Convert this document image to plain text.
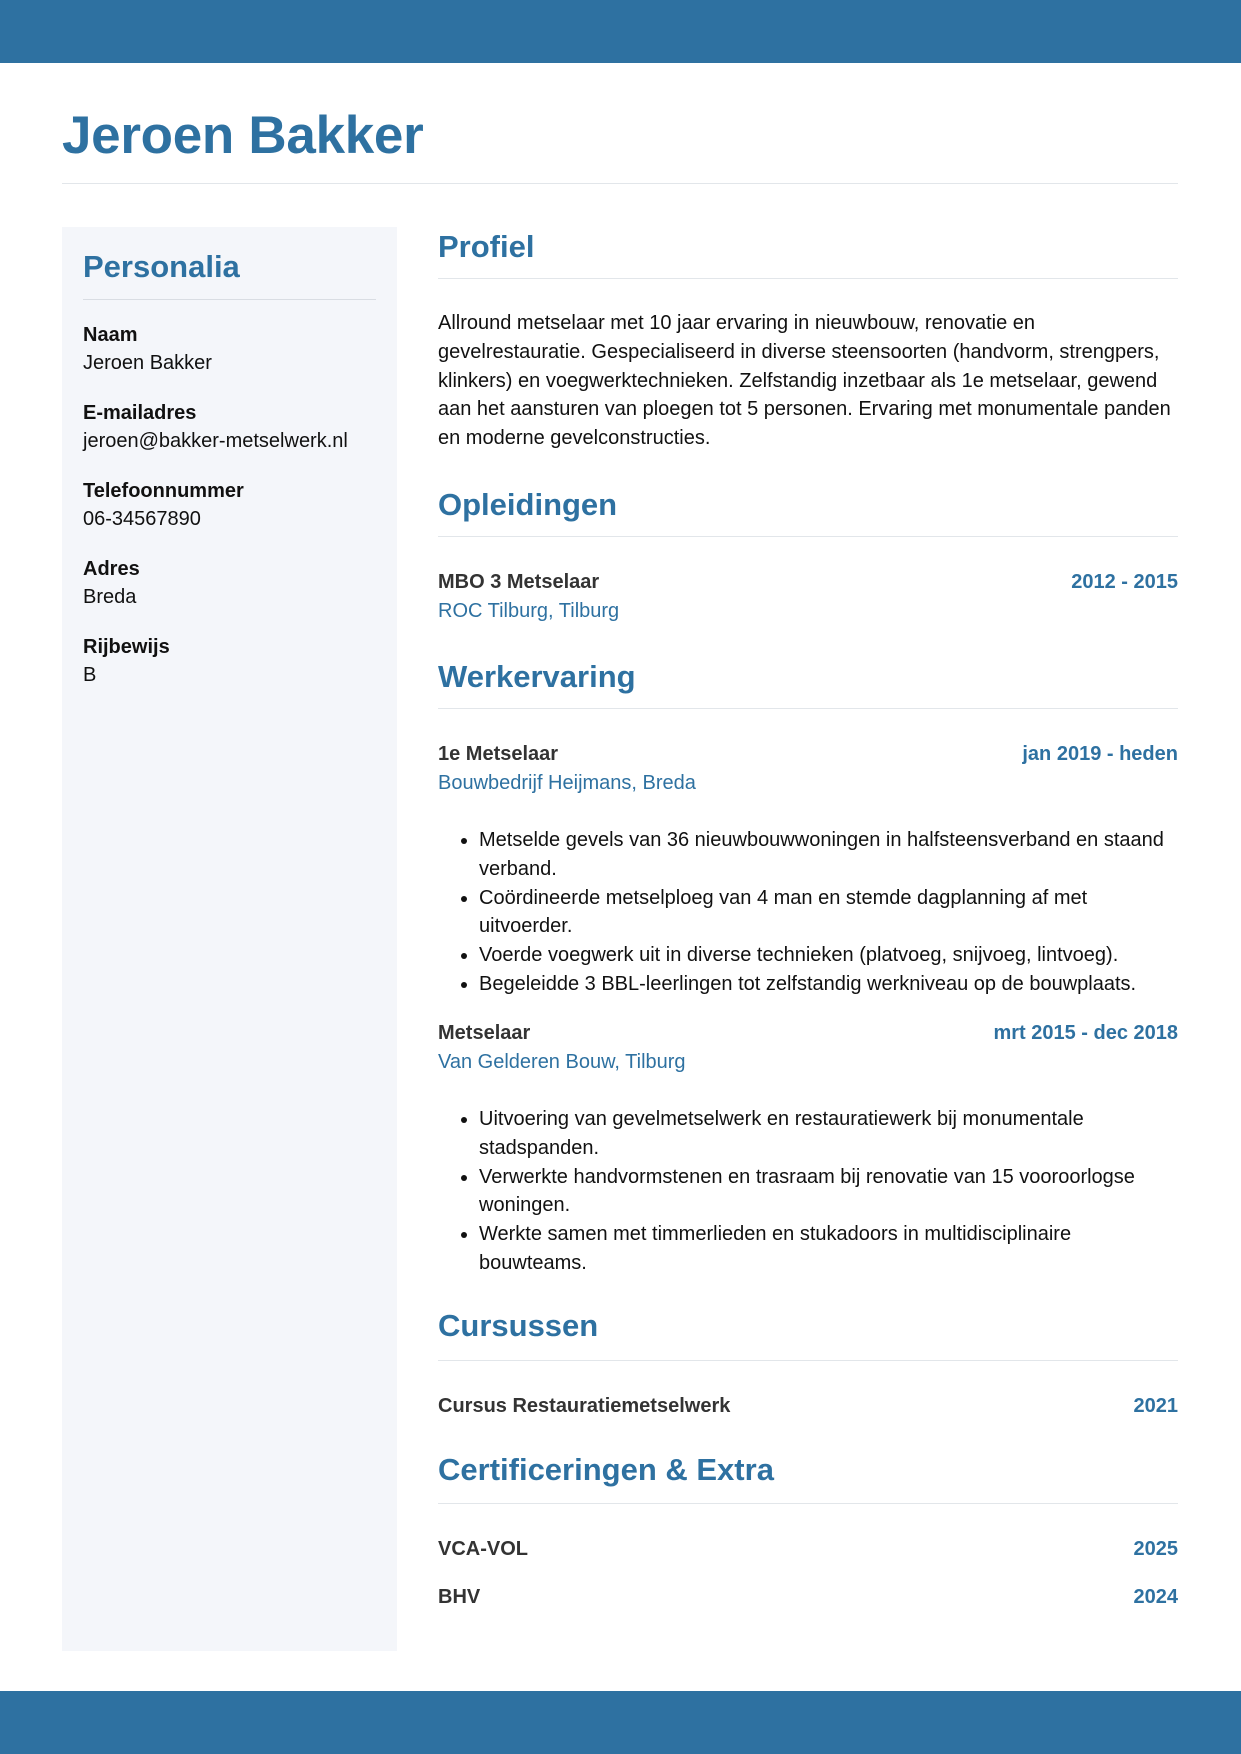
Jeroen Bakker
Personalia
Naam
Jeroen Bakker
E-mailadres
jeroen@bakker-metselwerk.nl
Telefoonnummer
06-34567890
Adres
Breda
Rijbewijs
B
Profiel
Allround metselaar met 10 jaar ervaring in nieuwbouw, renovatie en gevelrestauratie. Gespecialiseerd in diverse steensoorten (handvorm, strengpers, klinkers) en voegwerktechnieken. Zelfstandig inzetbaar als 1e metselaar, gewend aan het aansturen van ploegen tot 5 personen. Ervaring met monumentale panden en moderne gevelconstructies.
Opleidingen
MBO 3 Metselaar	2012 - 2015
ROC Tilburg, Tilburg
Werkervaring
1e Metselaar	jan 2019 - heden
Bouwbedrijf Heijmans, Breda
• Metselde gevels van 36 nieuwbouwwoningen in halfsteensverband en staand verband.
• Coördineerde metselploeg van 4 man en stemde dagplanning af met uitvoerder.
• Voerde voegwerk uit in diverse technieken (platvoeg, snijvoeg, lintvoeg).
• Begeleidde 3 BBL-leerlingen tot zelfstandig werkniveau op de bouwplaats.
Metselaar	mrt 2015 - dec 2018
Van Gelderen Bouw, Tilburg
• Uitvoering van gevelmetselwerk en restauratiewerk bij monumentale stadspanden.
• Verwerkte handvormstenen en trasraam bij renovatie van 15 vooroorlogse woningen.
• Werkte samen met timmerlieden en stukadoors in multidisciplinaire bouwteams.
Cursussen
Cursus Restauratiemetselwerk	2021
Certificeringen & Extra
VCA-VOL	2025
BHV	2024
